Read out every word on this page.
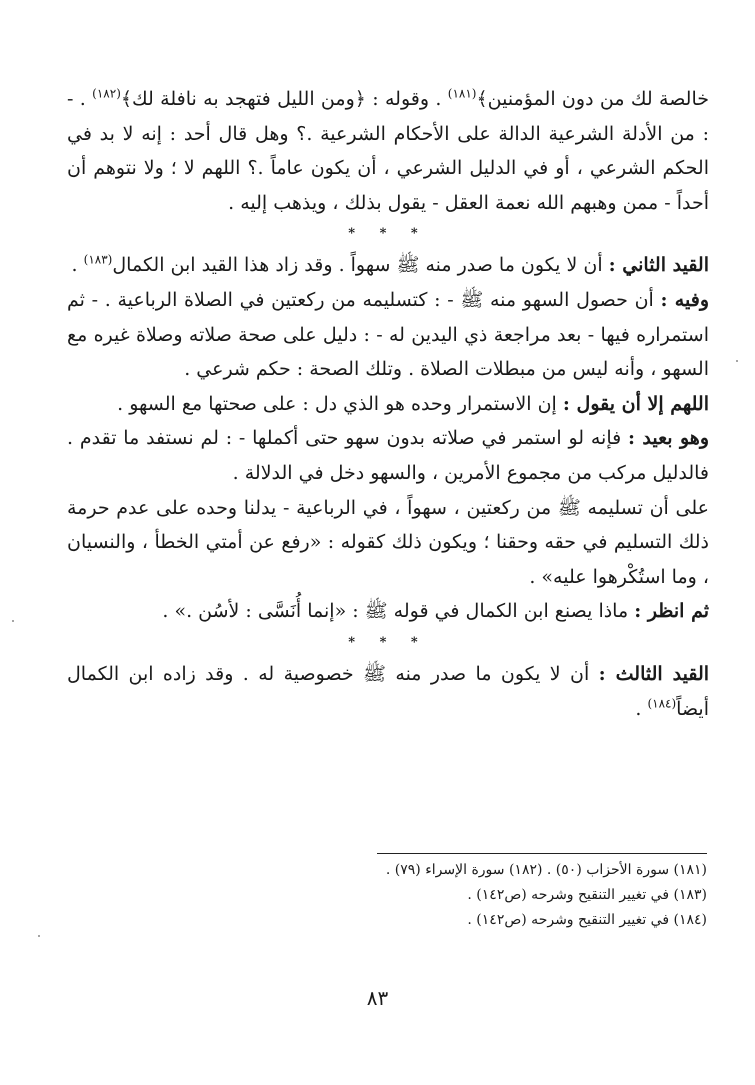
خالصة لك من دون المؤمنين﴾$^{(١٨١)}$ . وقوله : ﴿ومن الليل فتهجد به نافلة لك﴾$^{(١٨٢)}$ . - : من الأدلة الشرعية الدالة على الأحكام الشرعية .؟ وهل قال أحد : إنه لا بد في الحكم الشرعي ، أو في الدليل الشرعي ، أن يكون عاماً .؟ اللهم لا ؛ ولا نتوهم أن أحداً - ممن وهبهم الله نعمة العقل - يقول بذلك ، ويذهب إليه .

* * *

القيد الثاني : أن لا يكون ما صدر منه ﷺ سهواً . وقد زاد هذا القيد ابن الكمال$^{(١٨٣)}$ .

وفيه : أن حصول السهو منه ﷺ - : كتسليمه من ركعتين في الصلاة الرباعية . - ثم استمراره فيها - بعد مراجعة ذي اليدين له - : دليل على صحة صلاته وصلاة غيره مع السهو ، وأنه ليس من مبطلات الصلاة . وتلك الصحة : حكم شرعي .

اللهم إلا أن يقول : إن الاستمرار وحده هو الذي دل : على صحتها مع السهو .

وهو بعيد : فإنه لو استمر في صلاته بدون سهو حتى أكملها - : لم نستفد ما تقدم . فالدليل مركب من مجموع الأمرين ، والسهو دخل في الدلالة .

على أن تسليمه ﷺ من ركعتين ، سهواً ، في الرباعية - يدلنا وحده على عدم حرمة ذلك التسليم في حقه وحقنا ؛ ويكون ذلك كقوله : «رفع عن أمتي الخطأ ، والنسيان ، وما استُكْرهوا عليه» .

ثم انظر : ماذا يصنع ابن الكمال في قوله ﷺ : «إنما أُنَسَّى : لأسُن .» .

* * *

القيد الثالث : أن لا يكون ما صدر منه ﷺ خصوصية له . وقد زاده ابن الكمال أيضاً$^{(١٨٤)}$ .

(١٨١) سورة الأحزاب (٥٠) . (١٨٢) سورة الإسراء (٧٩) .

(١٨٣) في تغيير التنقيح وشرحه (ص١٤٢) .

(١٨٤) في تغيير التنقيح وشرحه (ص١٤٢) .

٨٣
